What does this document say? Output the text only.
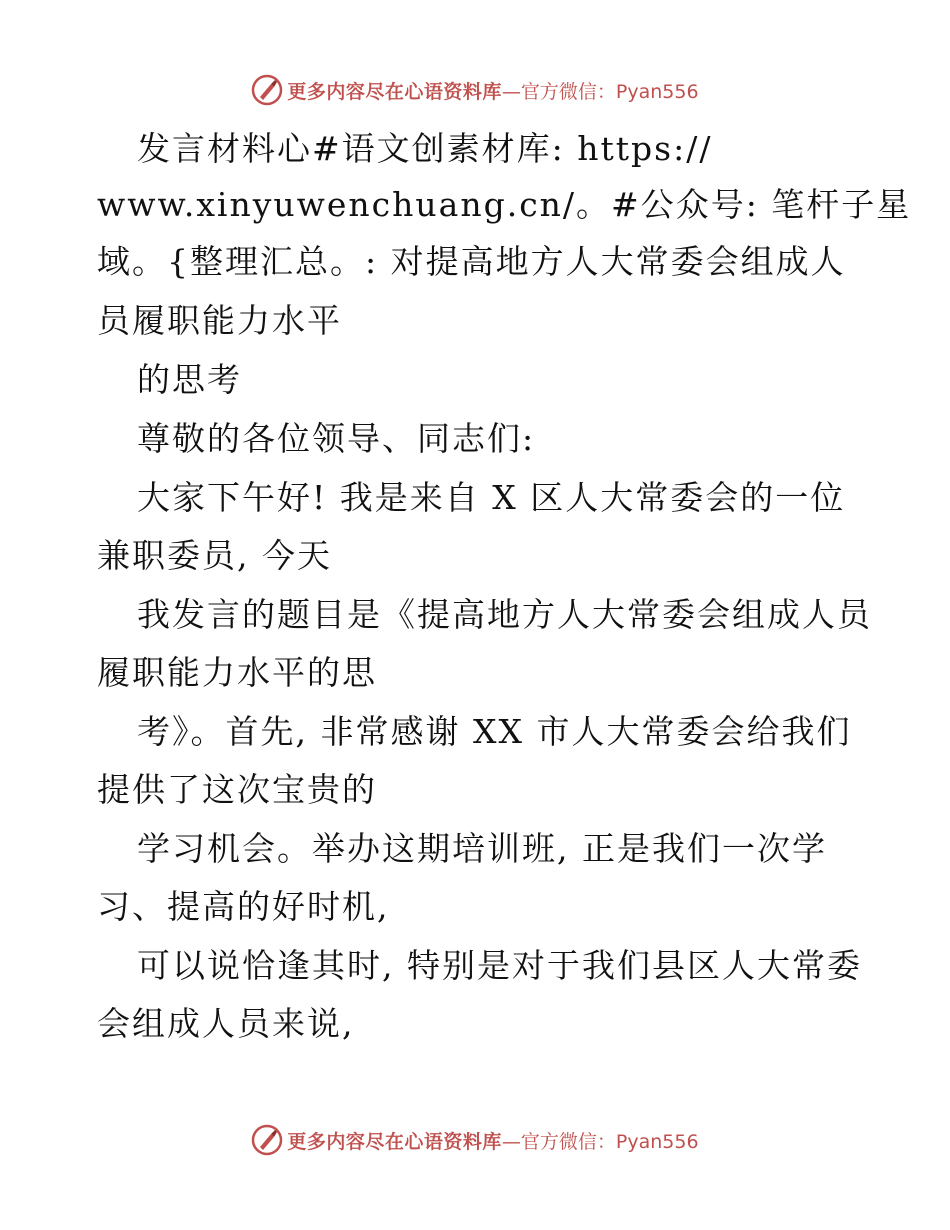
更多内容尽在心语资料库 —官方微信：Pyan556
发言材料心#语文创素材库: https://
www.xinyuwenchuang.cn/。#公众号: 笔杆子星
域。{整理汇总。: 对提高地方人大常委会组成人
员履职能力水平
的思考
尊敬的各位领导、同志们:
大家下午好! 我是来自 X 区人大常委会的一位
兼职委员, 今天
我发言的题目是《提高地方人大常委会组成人员
履职能力水平的思
考》。首先, 非常感谢 XX 市人大常委会给我们
提供了这次宝贵的
学习机会。举办这期培训班, 正是我们一次学
习、提高的好时机,
可以说恰逢其时, 特别是对于我们县区人大常委
会组成人员来说,
更多内容尽在心语资料库 —官方微信：Pyan556
